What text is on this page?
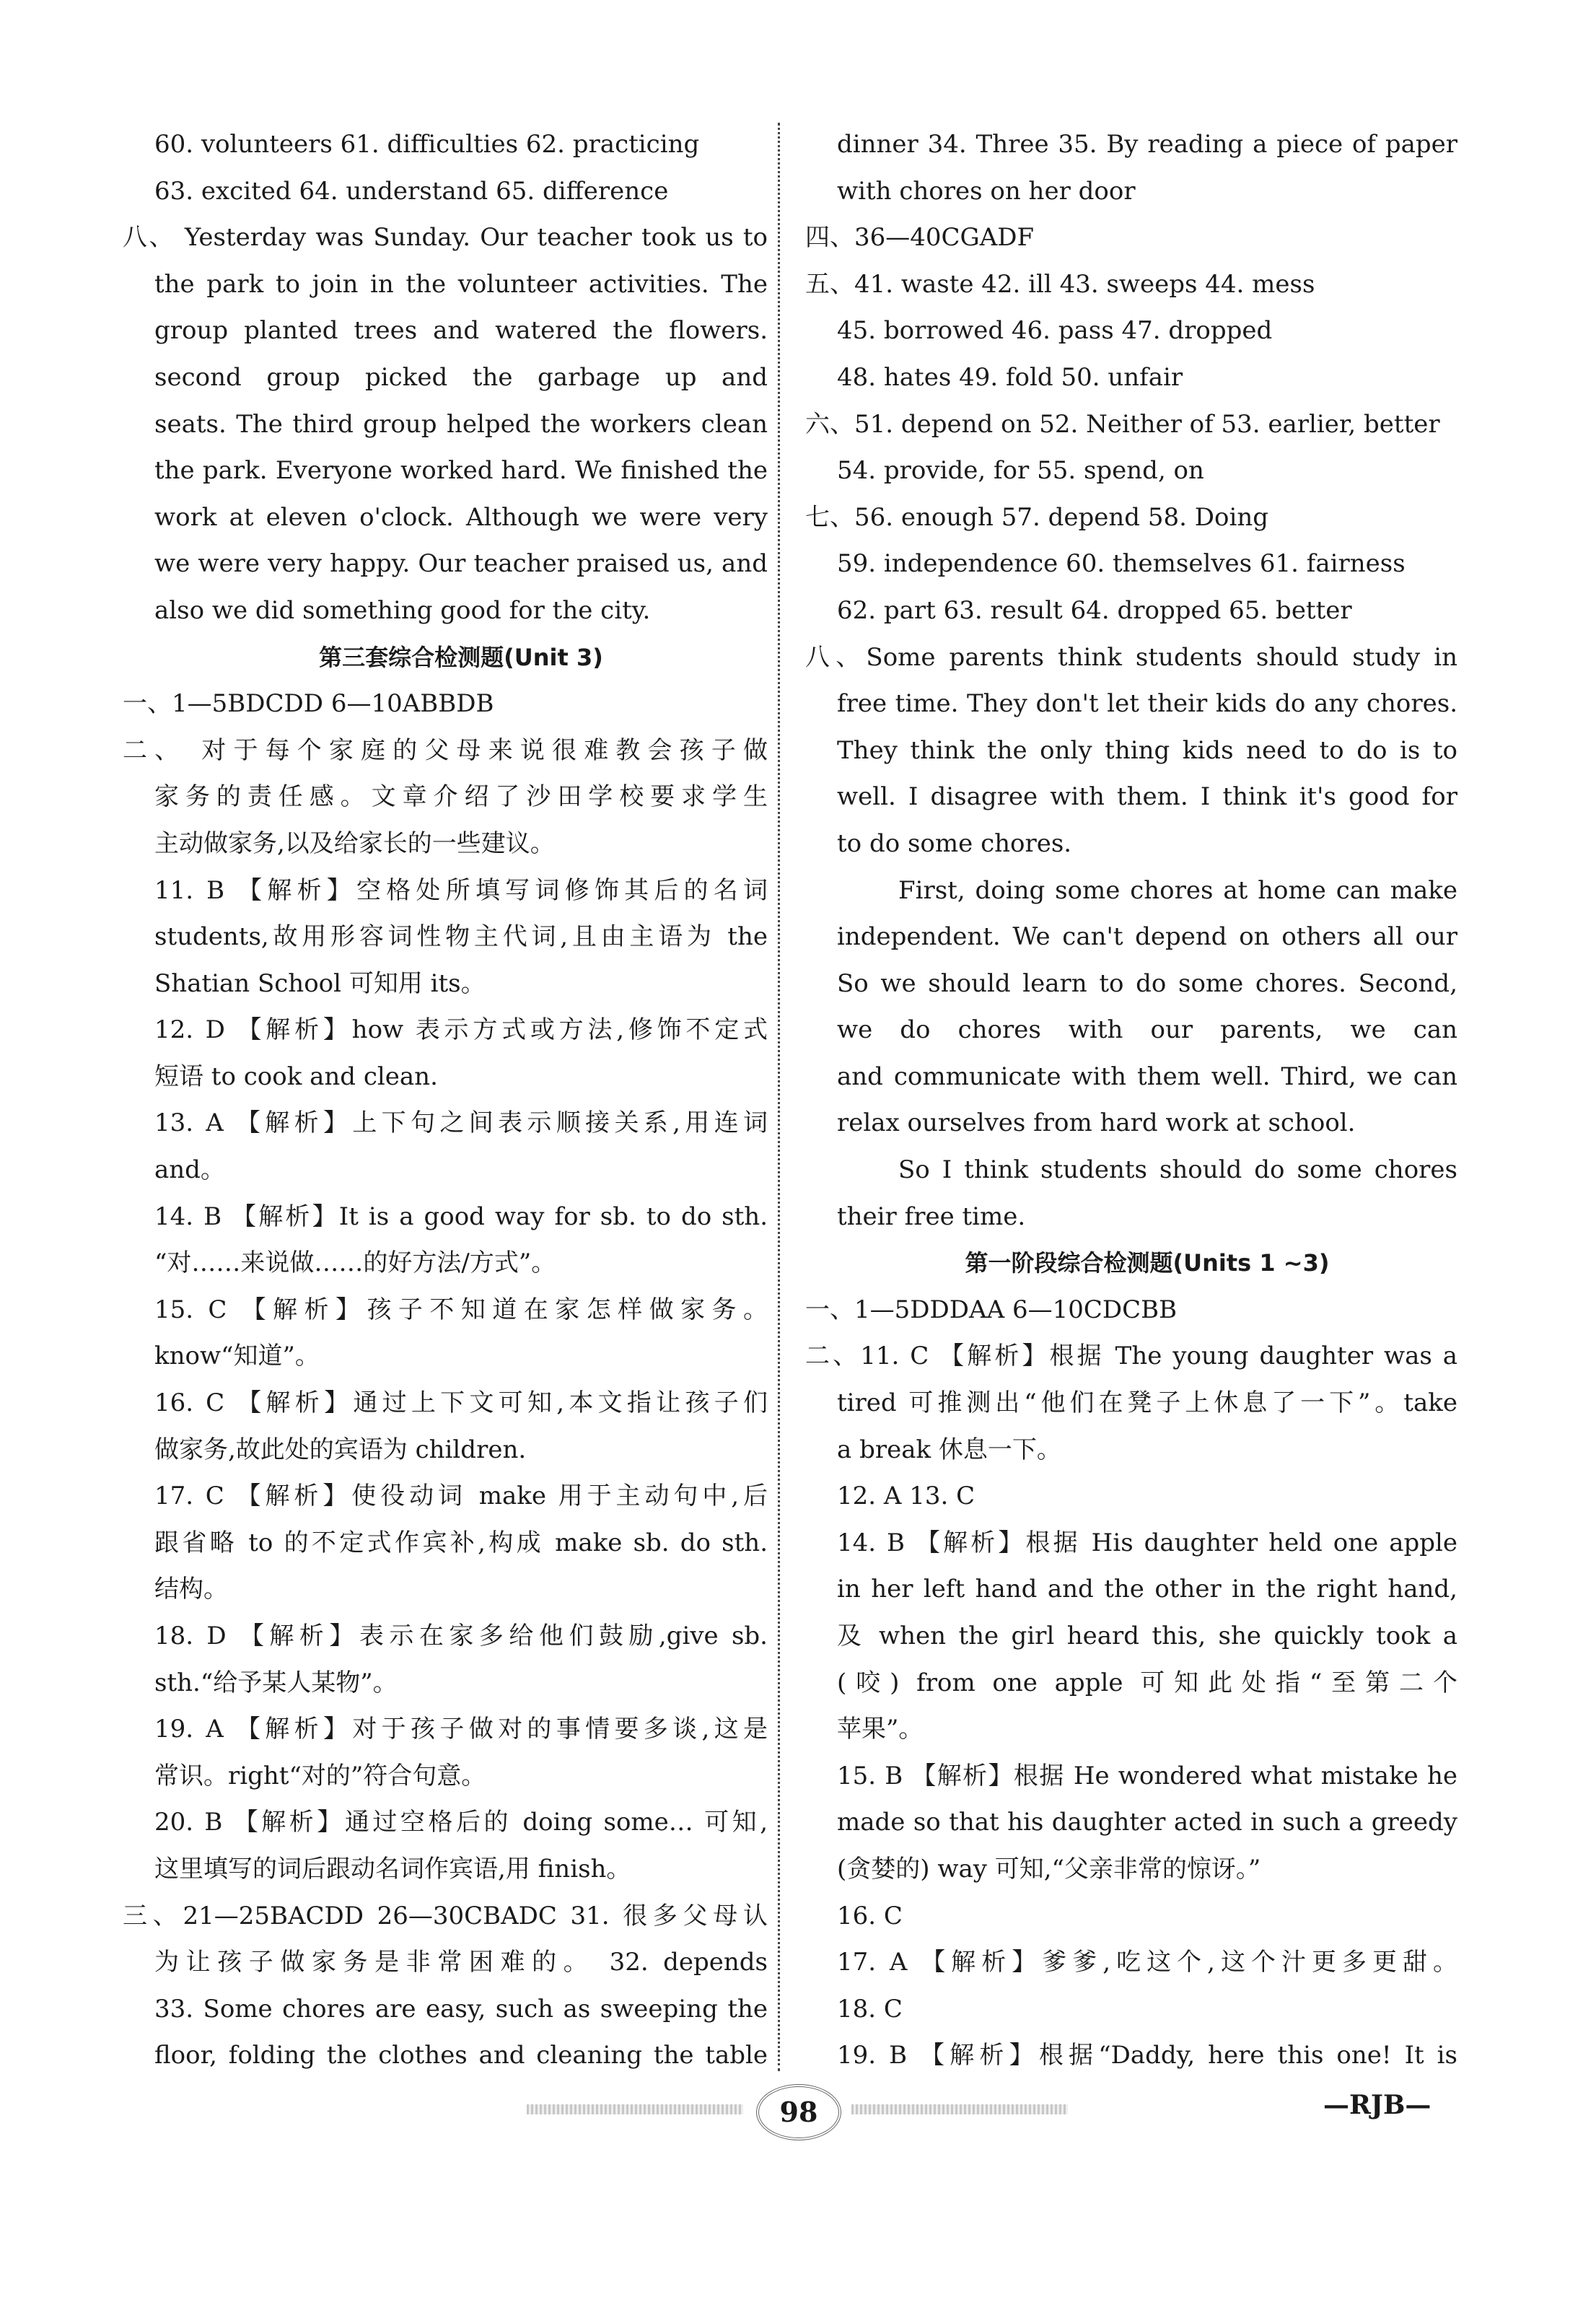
60. volunteers 61. difficulties 62. practicing
63. excited 64. understand 65. difference
八、 Yesterday was Sunday. Our teacher took us to
the park to join in the volunteer activities. The
group planted trees and watered the flowers.
second group picked the garbage up and
seats. The third group helped the workers clean
the park. Everyone worked hard. We finished the
work at eleven o'clock. Although we were very
we were very happy. Our teacher praised us, and
also we did something good for the city.
第三套综合检测题(Unit 3)
一、1—5BDCDD 6—10ABBDB
二、 对于每个家庭的父母来说很难教会孩子做
家务的责任感。文章介绍了沙田学校要求学生
主动做家务,以及给家长的一些建议。
11. B 【解析】空格处所填写词修饰其后的名词
students,故用形容词性物主代词,且由主语为 the
Shatian School 可知用 its。
12. D 【解析】how 表示方式或方法,修饰不定式
短语 to cook and clean.
13. A 【解析】上下句之间表示顺接关系,用连词
and。
14. B 【解析】It is a good way for sb. to do sth.
“对……来说做……的好方法/方式”。
15. C 【解析】孩子不知道在家怎样做家务。
know“知道”。
16. C 【解析】通过上下文可知,本文指让孩子们
做家务,故此处的宾语为 children.
17. C 【解析】使役动词 make 用于主动句中,后
跟省略 to 的不定式作宾补,构成 make sb. do sth.
结构。
18. D 【解析】表示在家多给他们鼓励,give sb.
sth.“给予某人某物”。
19. A 【解析】对于孩子做对的事情要多谈,这是
常识。right“对的”符合句意。
20. B 【解析】通过空格后的 doing some… 可知,
这里填写的词后跟动名词作宾语,用 finish。
三、21—25BACDD 26—30CBADC 31. 很多父母认
为让孩子做家务是非常困难的。 32. depends
33. Some chores are easy, such as sweeping the
floor, folding the clothes and cleaning the table
dinner 34. Three 35. By reading a piece of paper
with chores on her door
四、36—40CGADF
五、41. waste 42. ill 43. sweeps 44. mess
45. borrowed 46. pass 47. dropped
48. hates 49. fold 50. unfair
六、51. depend on 52. Neither of 53. earlier, better
54. provide, for 55. spend, on
七、56. enough 57. depend 58. Doing
59. independence 60. themselves 61. fairness
62. part 63. result 64. dropped 65. better
八、Some parents think students should study in
free time. They don't let their kids do any chores.
They think the only thing kids need to do is to
well. I disagree with them. I think it's good for
to do some chores.
First, doing some chores at home can make
independent. We can't depend on others all our
So we should learn to do some chores. Second,
we do chores with our parents, we can
and communicate with them well. Third, we can
relax ourselves from hard work at school.
So I think students should do some chores
their free time.
第一阶段综合检测题(Units 1 ~3)
一、1—5DDDAA 6—10CDCBB
二、11. C 【解析】根据 The young daughter was a
tired 可推测出“他们在凳子上休息了一下”。take
a break 休息一下。
12. A 13. C
14. B 【解析】根据 His daughter held one apple
in her left hand and the other in the right hand,
及 when the girl heard this, she quickly took a
(咬) from one apple 可知此处指“至第二个
苹果”。
15. B 【解析】根据 He wondered what mistake he
made so that his daughter acted in such a greedy
(贪婪的) way 可知,“父亲非常的惊讶。”
16. C
17. A 【解析】爹爹,吃这个,这个汁更多更甜。
18. C
19. B 【解析】根据“Daddy, here this one! It is
98	—RJB—
